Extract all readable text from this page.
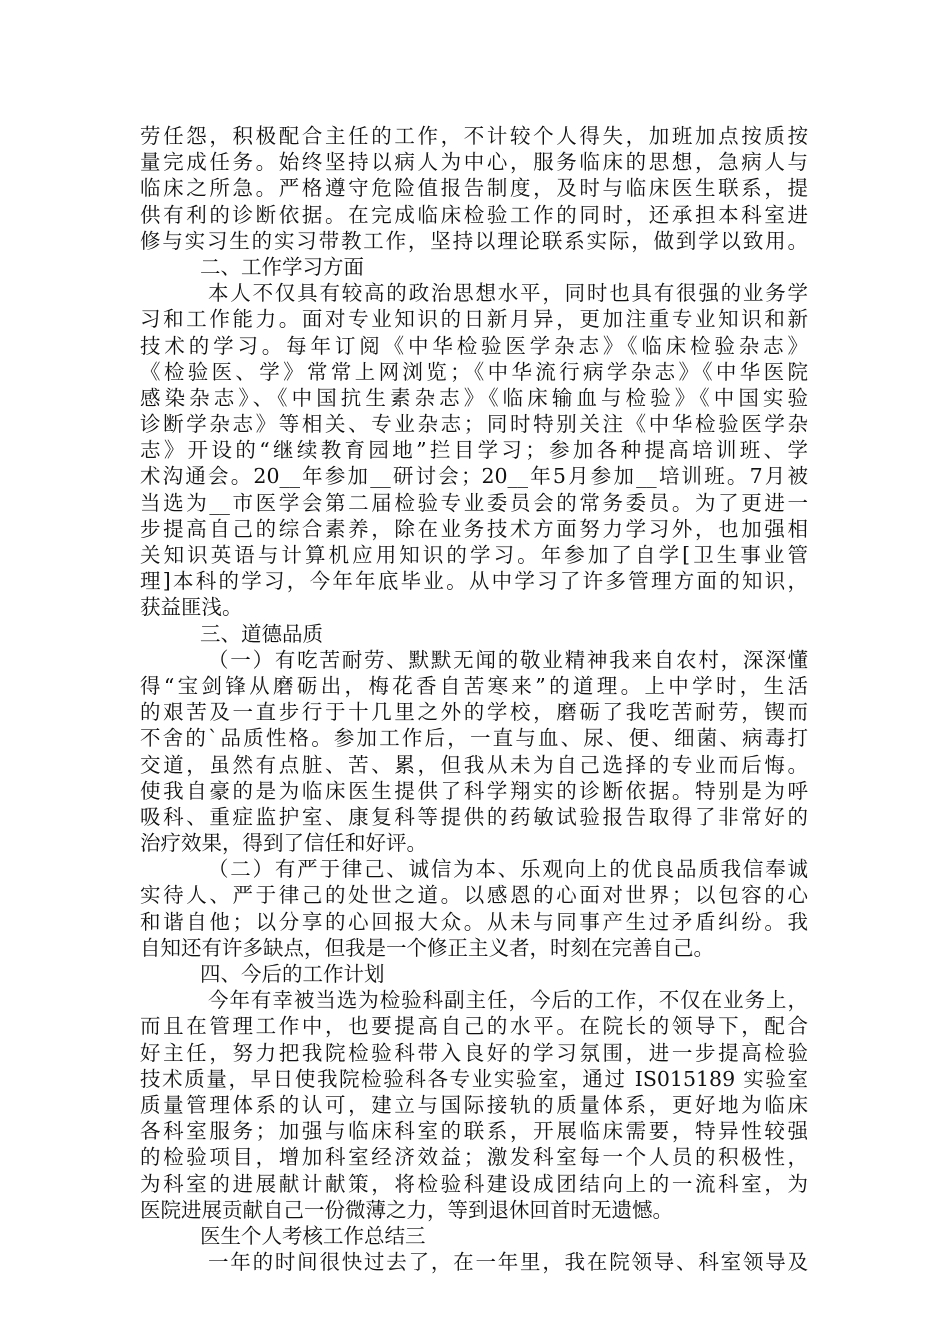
劳任怨，积极配合主任的工作，不计较个人得失，加班加点按质按
量完成任务。始终坚持以病人为中心，服务临床的思想，急病人与
临床之所急。严格遵守危险值报告制度，及时与临床医生联系，提
供有利的诊断依据。在完成临床检验工作的同时，还承担本科室进
修与实习生的实习带教工作，坚持以理论联系实际，做到学以致用。
二、工作学习方面
本人不仅具有较高的政治思想水平，同时也具有很强的业务学
习和工作能力。面对专业知识的日新月异，更加注重专业知识和新
技术的学习。每年订阅《中华检验医学杂志》《临床检验杂志》
《检验医、学》常常上网浏览；《中华流行病学杂志》《中华医院
感染杂志》、《中国抗生素杂志》《临床输血与检验》《中国实验
诊断学杂志》等相关、专业杂志；同时特别关注《中华检验医学杂
志》开设的“继续教育园地”拦目学习；参加各种提高培训班、学
术沟通会。20__年参加__研讨会；20__年5月参加__培训班。7月被
当选为__市医学会第二届检验专业委员会的常务委员。为了更进一
步提高自己的综合素养，除在业务技术方面努力学习外，也加强相
关知识英语与计算机应用知识的学习。年参加了自学[卫生事业管
理]本科的学习，今年年底毕业。从中学习了许多管理方面的知识，
获益匪浅。
三、道德品质
（一）有吃苦耐劳、默默无闻的敬业精神我来自农村，深深懂
得“宝剑锋从磨砺出，梅花香自苦寒来”的道理。上中学时，生活
的艰苦及一直步行于十几里之外的学校，磨砺了我吃苦耐劳，锲而
不舍的`品质性格。参加工作后，一直与血、尿、便、细菌、病毒打
交道，虽然有点脏、苦、累，但我从未为自己选择的专业而后悔。
使我自豪的是为临床医生提供了科学翔实的诊断依据。特别是为呼
吸科、重症监护室、康复科等提供的药敏试验报告取得了非常好的
治疗效果，得到了信任和好评。
（二）有严于律己、诚信为本、乐观向上的优良品质我信奉诚
实待人、严于律己的处世之道。以感恩的心面对世界；以包容的心
和谐自他；以分享的心回报大众。从未与同事产生过矛盾纠纷。我
自知还有许多缺点，但我是一个修正主义者，时刻在完善自己。
四、今后的工作计划
今年有幸被当选为检验科副主任，今后的工作，不仅在业务上，
而且在管理工作中，也要提高自己的水平。在院长的领导下，配合
好主任，努力把我院检验科带入良好的学习氛围，进一步提高检验
技术质量，早日使我院检验科各专业实验室，通过 IS015189 实验室
质量管理体系的认可，建立与国际接轨的质量体系，更好地为临床
各科室服务；加强与临床科室的联系，开展临床需要，特异性较强
的检验项目，增加科室经济效益；激发科室每一个人员的积极性，
为科室的进展献计献策，将检验科建设成团结向上的一流科室，为
医院进展贡献自己一份微薄之力，等到退休回首时无遗憾。
医生个人考核工作总结三
一年的时间很快过去了，在一年里，我在院领导、科室领导及
